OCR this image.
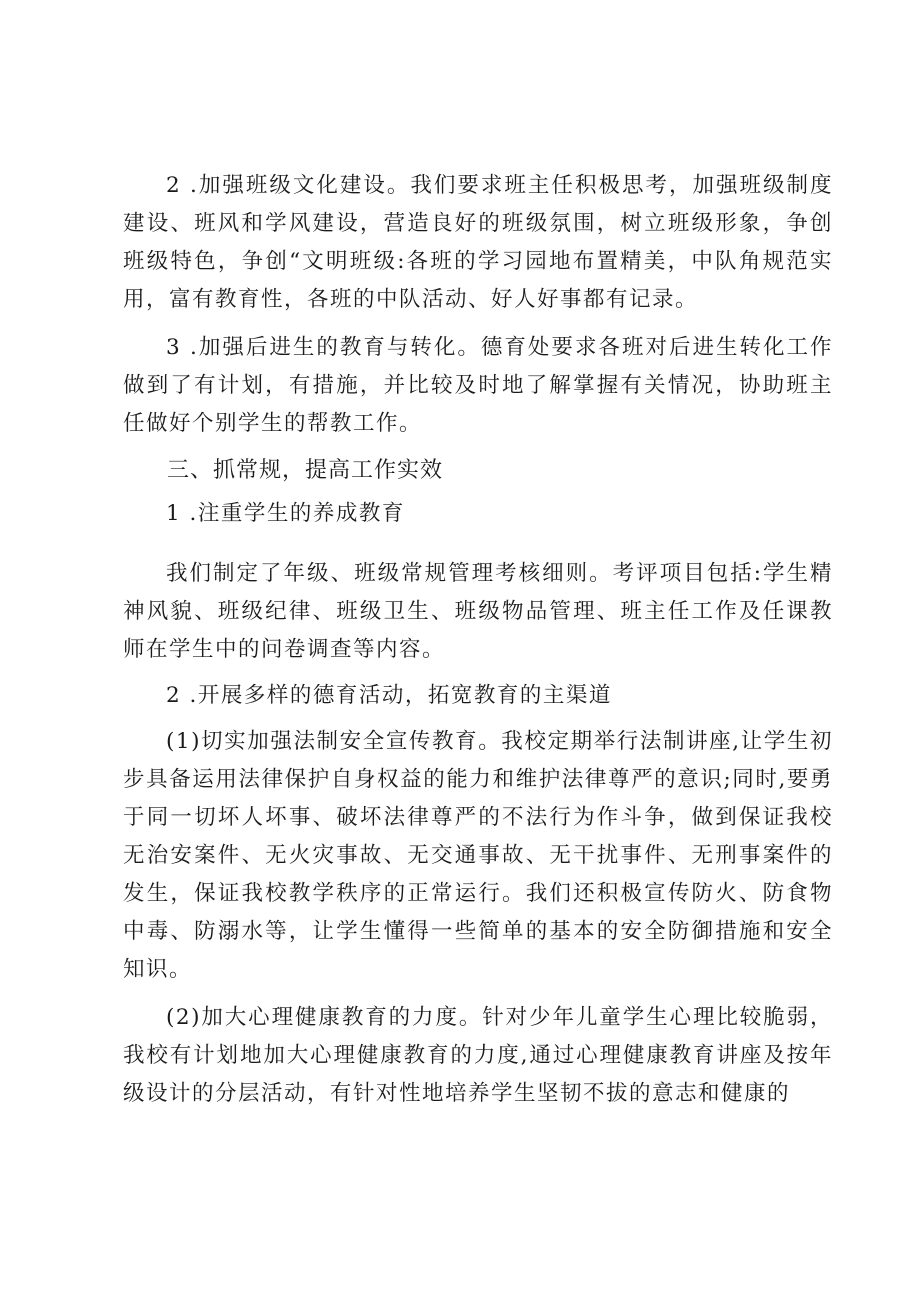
2 .加强班级文化建设。我们要求班主任积极思考，加强班级制度建设、班风和学风建设，营造良好的班级氛围，树立班级形象，争创班级特色，争创“文明班级:各班的学习园地布置精美，中队角规范实用，富有教育性，各班的中队活动、好人好事都有记录。

3 .加强后进生的教育与转化。德育处要求各班对后进生转化工作做到了有计划，有措施，并比较及时地了解掌握有关情况，协助班主任做好个别学生的帮教工作。

三、抓常规，提高工作实效

1 .注重学生的养成教育

我们制定了年级、班级常规管理考核细则。考评项目包括:学生精神风貌、班级纪律、班级卫生、班级物品管理、班主任工作及任课教师在学生中的问卷调查等内容。

2 .开展多样的德育活动，拓宽教育的主渠道

(1)切实加强法制安全宣传教育。我校定期举行法制讲座,让学生初步具备运用法律保护自身权益的能力和维护法律尊严的意识;同时,要勇于同一切坏人坏事、破坏法律尊严的不法行为作斗争，做到保证我校无治安案件、无火灾事故、无交通事故、无干扰事件、无刑事案件的发生，保证我校教学秩序的正常运行。我们还积极宣传防火、防食物中毒、防溺水等，让学生懂得一些简单的基本的安全防御措施和安全知识。

(2)加大心理健康教育的力度。针对少年儿童学生心理比较脆弱，我校有计划地加大心理健康教育的力度,通过心理健康教育讲座及按年级设计的分层活动，有针对性地培养学生坚韧不拔的意志和健康的
